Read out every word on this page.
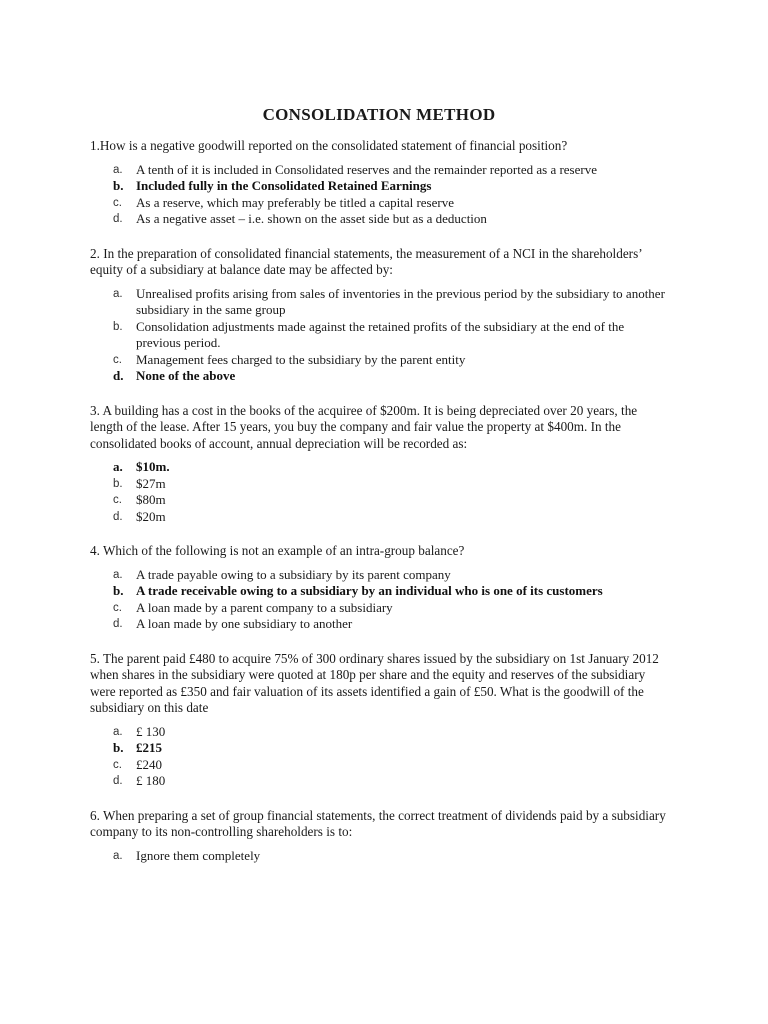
CONSOLIDATION METHOD
1.How is a negative goodwill reported on the consolidated statement of financial position?
a.	A tenth of it is included in Consolidated reserves and the remainder reported as a reserve
b. Included fully in the Consolidated Retained Earnings
c.	As a reserve, which may preferably be titled a capital reserve
d.	As a negative asset – i.e. shown on the asset side but as a deduction
2. In the preparation of consolidated financial statements, the measurement of a NCI in the shareholders’ equity of a subsidiary at balance date may be affected by:
a.	Unrealised profits arising from sales of inventories in the previous period by the subsidiary to another subsidiary in the same group
b.	Consolidation adjustments made against the retained profits of the subsidiary at the end of the previous period.
c.	Management fees charged to the subsidiary by the parent entity
d. None of the above
3. A building has a cost in the books of the acquiree of $200m. It is being depreciated over 20 years, the length of the lease. After 15 years, you buy the company and fair value the property at $400m. In the consolidated books of account, annual depreciation will be recorded as:
a.	$10m.
b.	$27m
c.	$80m
d.	$20m
4. Which of the following is not an example of an intra-group balance?
a.	A trade payable owing to a subsidiary by its parent company
b. A trade receivable owing to a subsidiary by an individual who is one of its customers
c.	A loan made by a parent company to a subsidiary
d.	A loan made by one subsidiary to another
5. The parent paid £480 to acquire 75% of 300 ordinary shares issued by the subsidiary on 1st January 2012 when shares in the subsidiary were quoted at 180p per share and the equity and reserves of the subsidiary were reported as £350 and fair valuation of its assets identified a gain of £50. What is the goodwill of the subsidiary on this date
a.	£ 130
b. £215
c.	£240
d.	£ 180
6. When preparing a set of group financial statements, the correct treatment of dividends paid by a subsidiary company to its non-controlling shareholders is to:
a.	Ignore them completely
